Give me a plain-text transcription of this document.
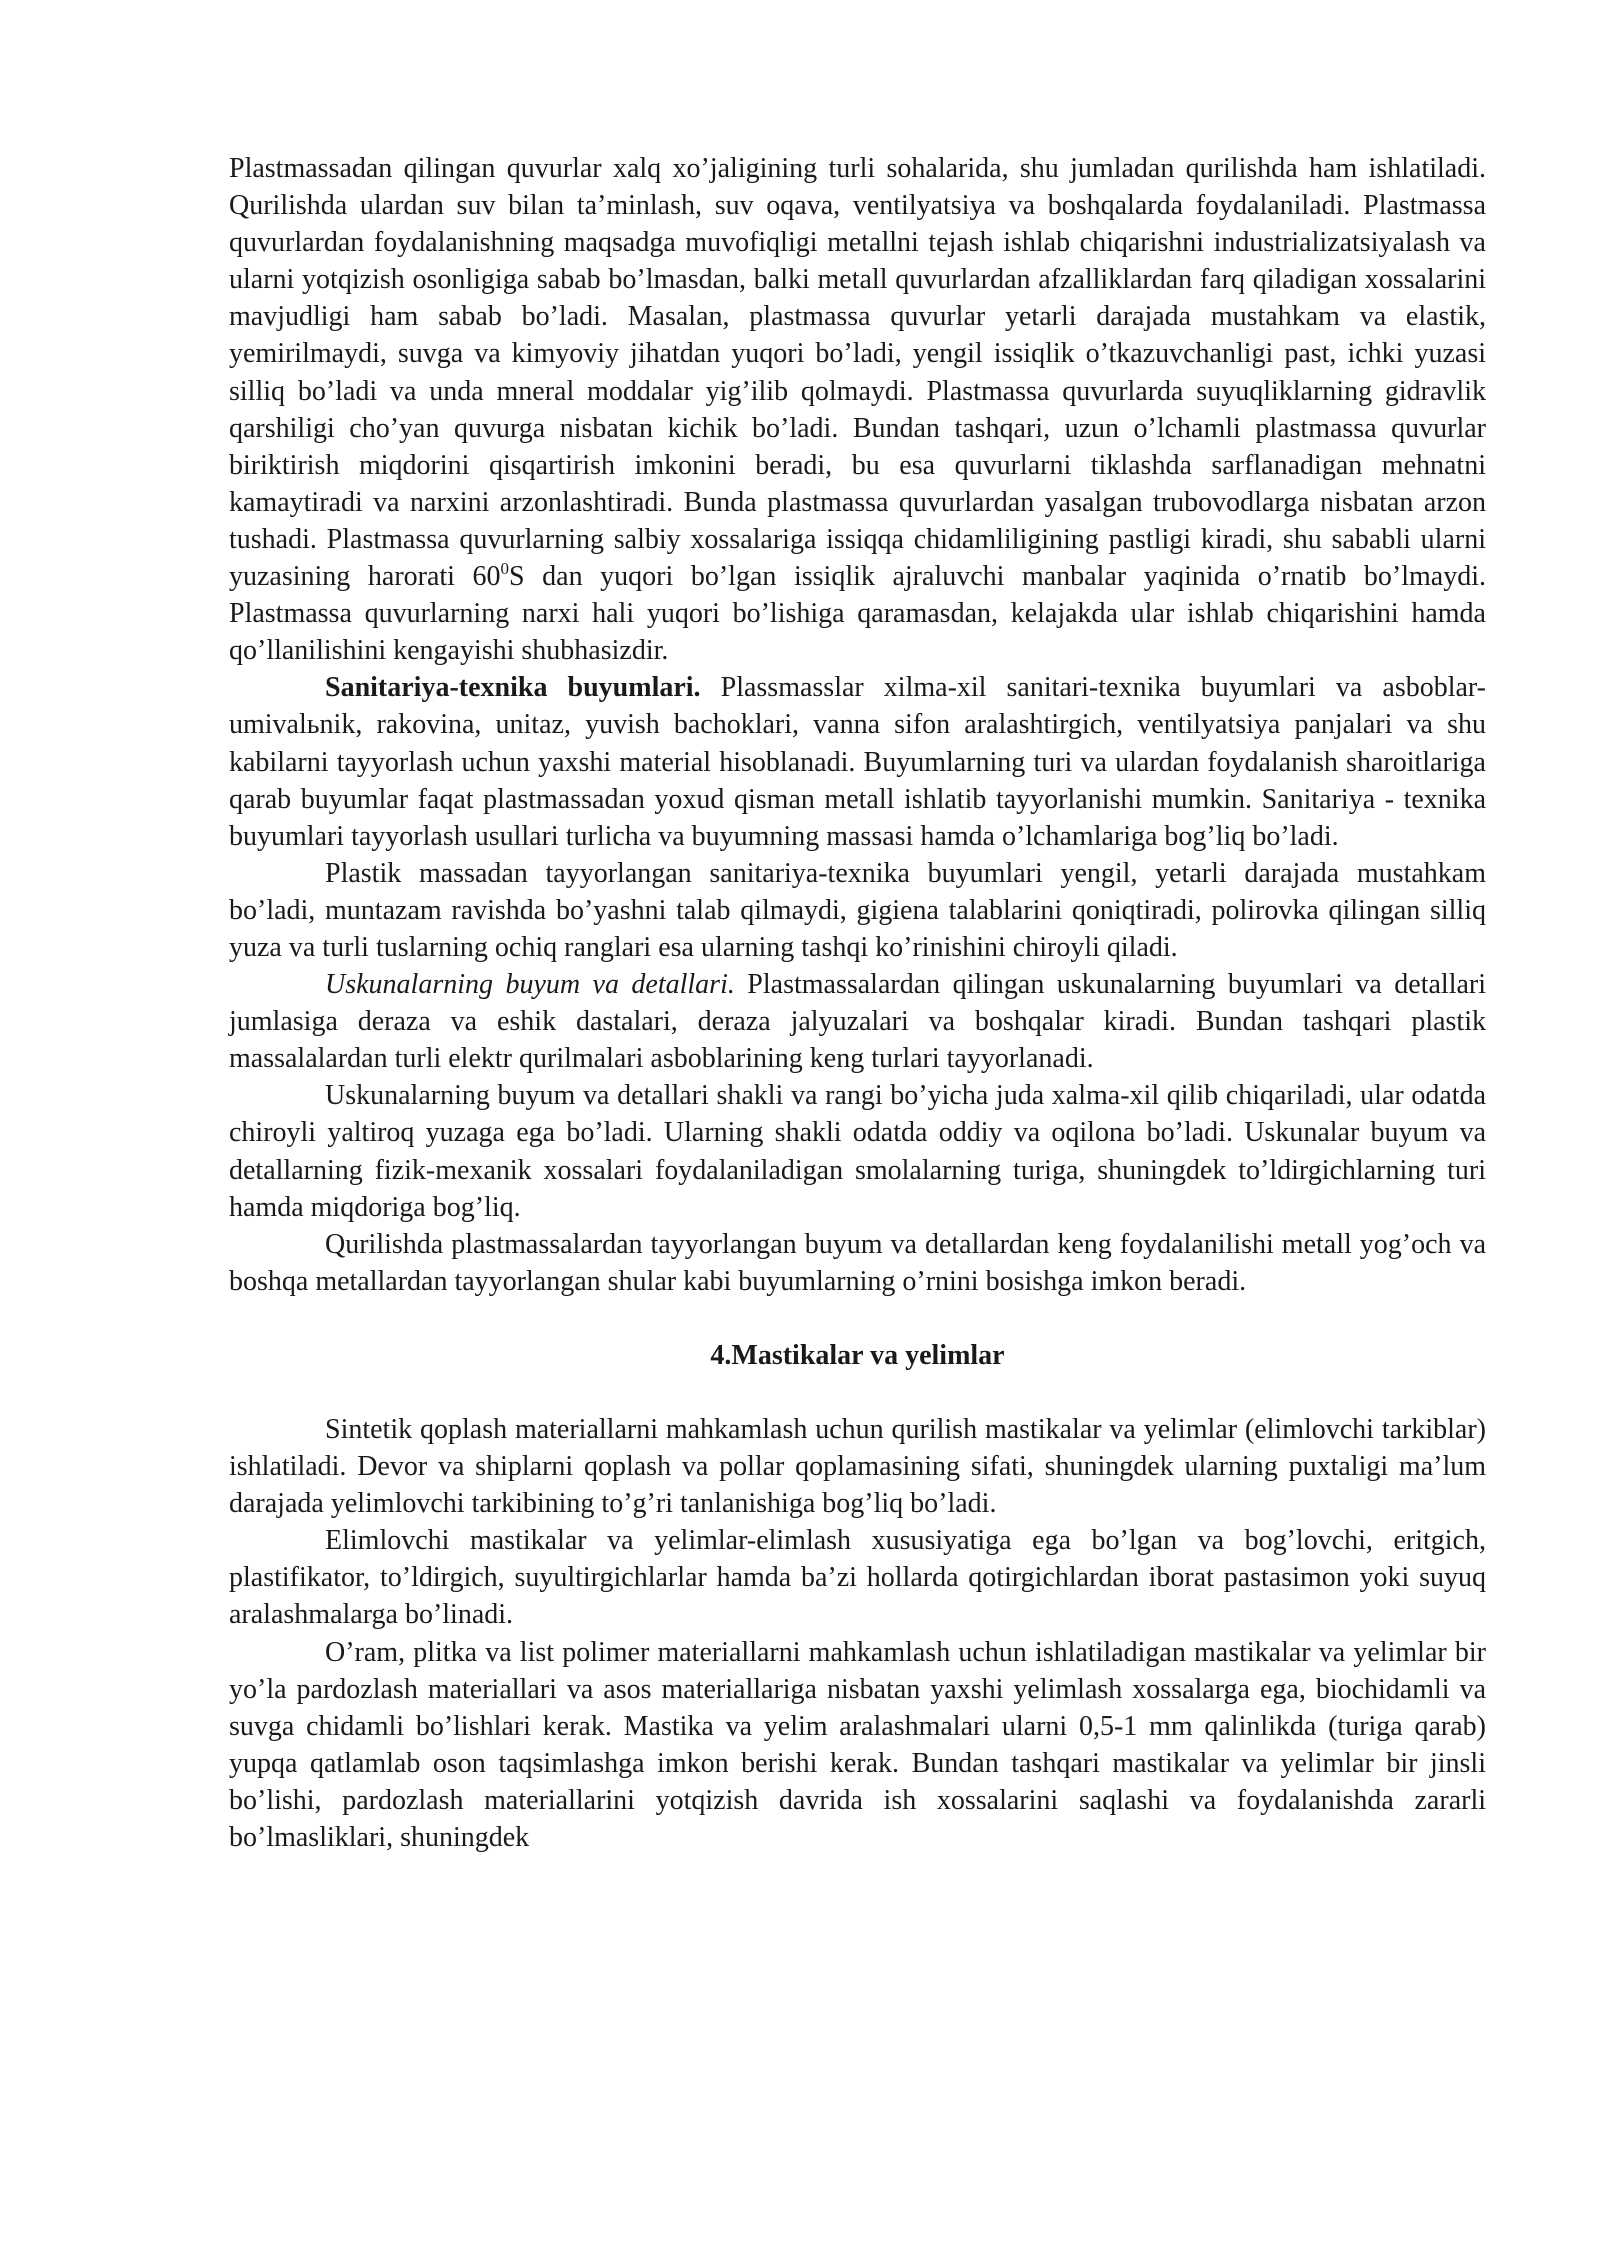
Plastmassadan qilingan quvurlar xalq xo’jaligining turli sohalarida, shu jumladan qurilishda ham ishlatiladi. Qurilishda ulardan suv bilan ta’minlash, suv oqava, ventilyatsiya va boshqalarda foydalaniladi. Plastmassa quvurlardan foydalanishning maqsadga muvofiqligi metallni tejash ishlab chiqarishni industrializatsiyalash va ularni yotqizish osonligiga sabab bo’lmasdan, balki metall quvurlardan afzalliklardan farq qiladigan xossalarini mavjudligi ham sabab bo’ladi. Masalan, plastmassa quvurlar yetarli darajada mustahkam va elastik, yemirilmaydi, suvga va kimyoviy jihatdan yuqori bo’ladi, yengil issiqlik o’tkazuvchanligi past, ichki yuzasi silliq bo’ladi va unda mneral moddalar yig’ilib qolmaydi. Plastmassa quvurlarda suyuqliklarning gidravlik qarshiligi cho’yan quvurga nisbatan kichik bo’ladi. Bundan tashqari, uzun o’lchamli plastmassa quvurlar biriktirish miqdorini qisqartirish imkonini beradi, bu esa quvurlarni tiklashda sarflanadigan mehnatni kamaytiradi va narxini arzonlashtiradi. Bunda plastmassa quvurlardan yasalgan trubovodlarga nisbatan arzon tushadi. Plastmassa quvurlarning salbiy xossalariga issiqqa chidamliligining pastligi kiradi, shu sababli ularni yuzasining harorati $60^0S$ dan yuqori bo’lgan issiqlik ajraluvchi manbalar yaqinida o’rnatib bo’lmaydi. Plastmassa quvurlarning narxi hali yuqori bo’lishiga qaramasdan, kelajakda ular ishlab chiqarishini hamda qo’llanilishini kengayishi shubhasizdir.

Sanitariya-texnika buyumlari. Plassmasslar xilma-xil sanitari-texnika buyumlari va asboblar-umivalьnik, rakovina, unitaz, yuvish bachoklari, vanna sifon aralashtirgich, ventilyatsiya panjalari va shu kabilarni tayyorlash uchun yaxshi material hisoblanadi. Buyumlarning turi va ulardan foydalanish sharoitlariga qarab buyumlar faqat plastmassadan yoxud qisman metall ishlatib tayyorlanishi mumkin. Sanitariya - texnika buyumlari tayyorlash usullari turlicha va buyumning massasi hamda o’lchamlariga bog’liq bo’ladi.

Plastik massadan tayyorlangan sanitariya-texnika buyumlari yengil, yetarli darajada mustahkam bo’ladi, muntazam ravishda bo’yashni talab qilmaydi, gigiena talablarini qoniqtiradi, polirovka qilingan silliq yuza va turli tuslarning ochiq ranglari esa ularning tashqi ko’rinishini chiroyli qiladi.

Uskunalarning buyum va detallari. Plastmassalardan qilingan uskunalarning buyumlari va detallari jumlasiga deraza va eshik dastalari, deraza jalyuzalari va boshqalar kiradi. Bundan tashqari plastik massalalardan turli elektr qurilmalari asboblarining keng turlari tayyorlanadi.

Uskunalarning buyum va detallari shakli va rangi bo’yicha juda xalma-xil qilib chiqariladi, ular odatda chiroyli yaltiroq yuzaga ega bo’ladi. Ularning shakli odatda oddiy va oqilona bo’ladi. Uskunalar buyum va detallarning fizik-mexanik xossalari foydalaniladigan smolalarning turiga, shuningdek to’ldirgichlarning turi hamda miqdoriga bog’liq.

Qurilishda plastmassalardan tayyorlangan buyum va detallardan keng foydalanilishi metall yog’och va boshqa metallardan tayyorlangan shular kabi buyumlarning o’rnini bosishga imkon beradi.

4.Mastikalar va yelimlar

Sintetik qoplash materiallarni mahkamlash uchun qurilish mastikalar va yelimlar (elimlovchi tarkiblar) ishlatiladi. Devor va shiplarni qoplash va pollar qoplamasining sifati, shuningdek ularning puxtaligi ma’lum darajada yelimlovchi tarkibining to’g’ri tanlanishiga bog’liq bo’ladi.

Elimlovchi mastikalar va yelimlar-elimlash xususiyatiga ega bo’lgan va bog’lovchi, eritgich, plastifikator, to’ldirgich, suyultirgichlarlar hamda ba’zi hollarda qotirgichlardan iborat pastasimon yoki suyuq aralashmalarga bo’linadi.

O’ram, plitka va list polimer materiallarni mahkamlash uchun ishlatiladigan mastikalar va yelimlar bir yo’la pardozlash materiallari va asos materiallariga nisbatan yaxshi yelimlash xossalarga ega, biochidamli va suvga chidamli bo’lishlari kerak. Mastika va yelim aralashmalari ularni 0,5-1 mm qalinlikda (turiga qarab) yupqa qatlamlab oson taqsimlashga imkon berishi kerak. Bundan tashqari mastikalar va yelimlar bir jinsli bo’lishi, pardozlash materiallarini yotqizish davrida ish xossalarini saqlashi va foydalanishda zararli bo’lmasliklari, shuningdek
